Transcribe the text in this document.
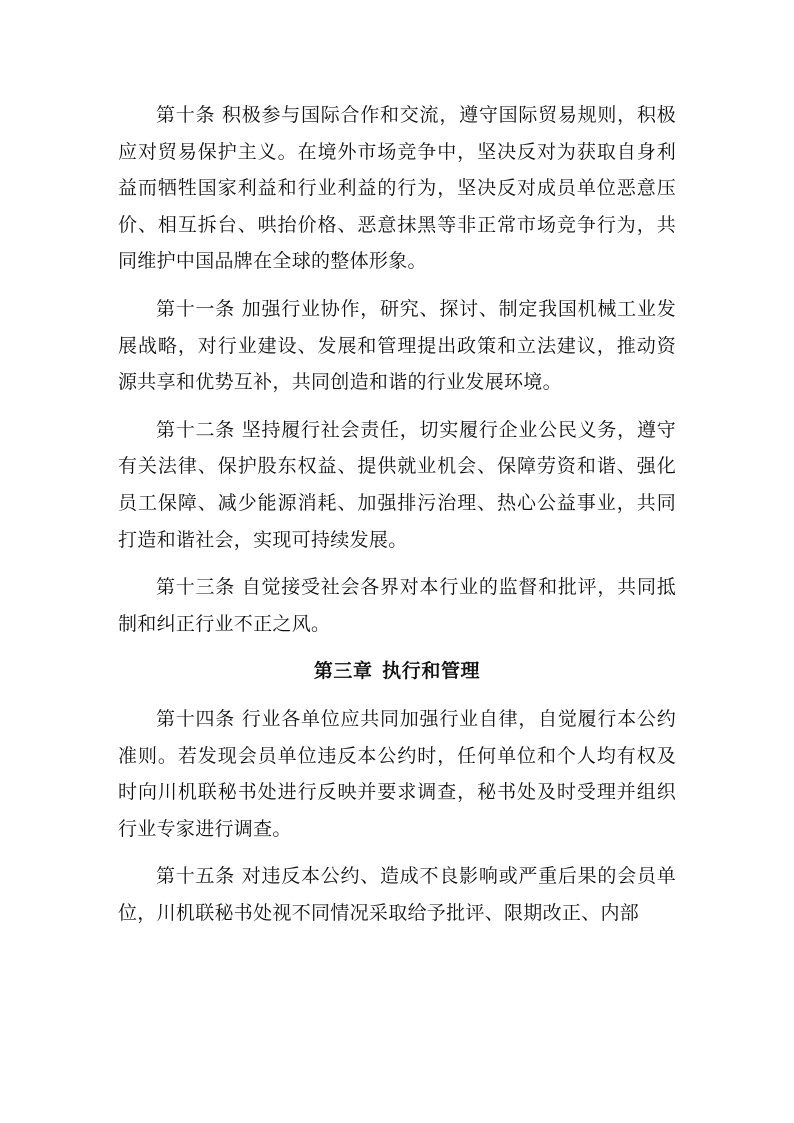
第十条 积极参与国际合作和交流，遵守国际贸易规则，积极应对贸易保护主义。在境外市场竞争中，坚决反对为获取自身利益而牺牲国家利益和行业利益的行为，坚决反对成员单位恶意压价、相互拆台、哄抬价格、恶意抹黑等非正常市场竞争行为，共同维护中国品牌在全球的整体形象。

第十一条 加强行业协作，研究、探讨、制定我国机械工业发展战略，对行业建设、发展和管理提出政策和立法建议，推动资源共享和优势互补，共同创造和谐的行业发展环境。

第十二条 坚持履行社会责任，切实履行企业公民义务，遵守有关法律、保护股东权益、提供就业机会、保障劳资和谐、强化员工保障、减少能源消耗、加强排污治理、热心公益事业，共同打造和谐社会，实现可持续发展。

第十三条 自觉接受社会各界对本行业的监督和批评，共同抵制和纠正行业不正之风。

第三章 执行和管理

第十四条 行业各单位应共同加强行业自律，自觉履行本公约准则。若发现会员单位违反本公约时，任何单位和个人均有权及时向川机联秘书处进行反映并要求调查，秘书处及时受理并组织行业专家进行调查。

第十五条 对违反本公约、造成不良影响或严重后果的会员单位，川机联秘书处视不同情况采取给予批评、限期改正、内部
